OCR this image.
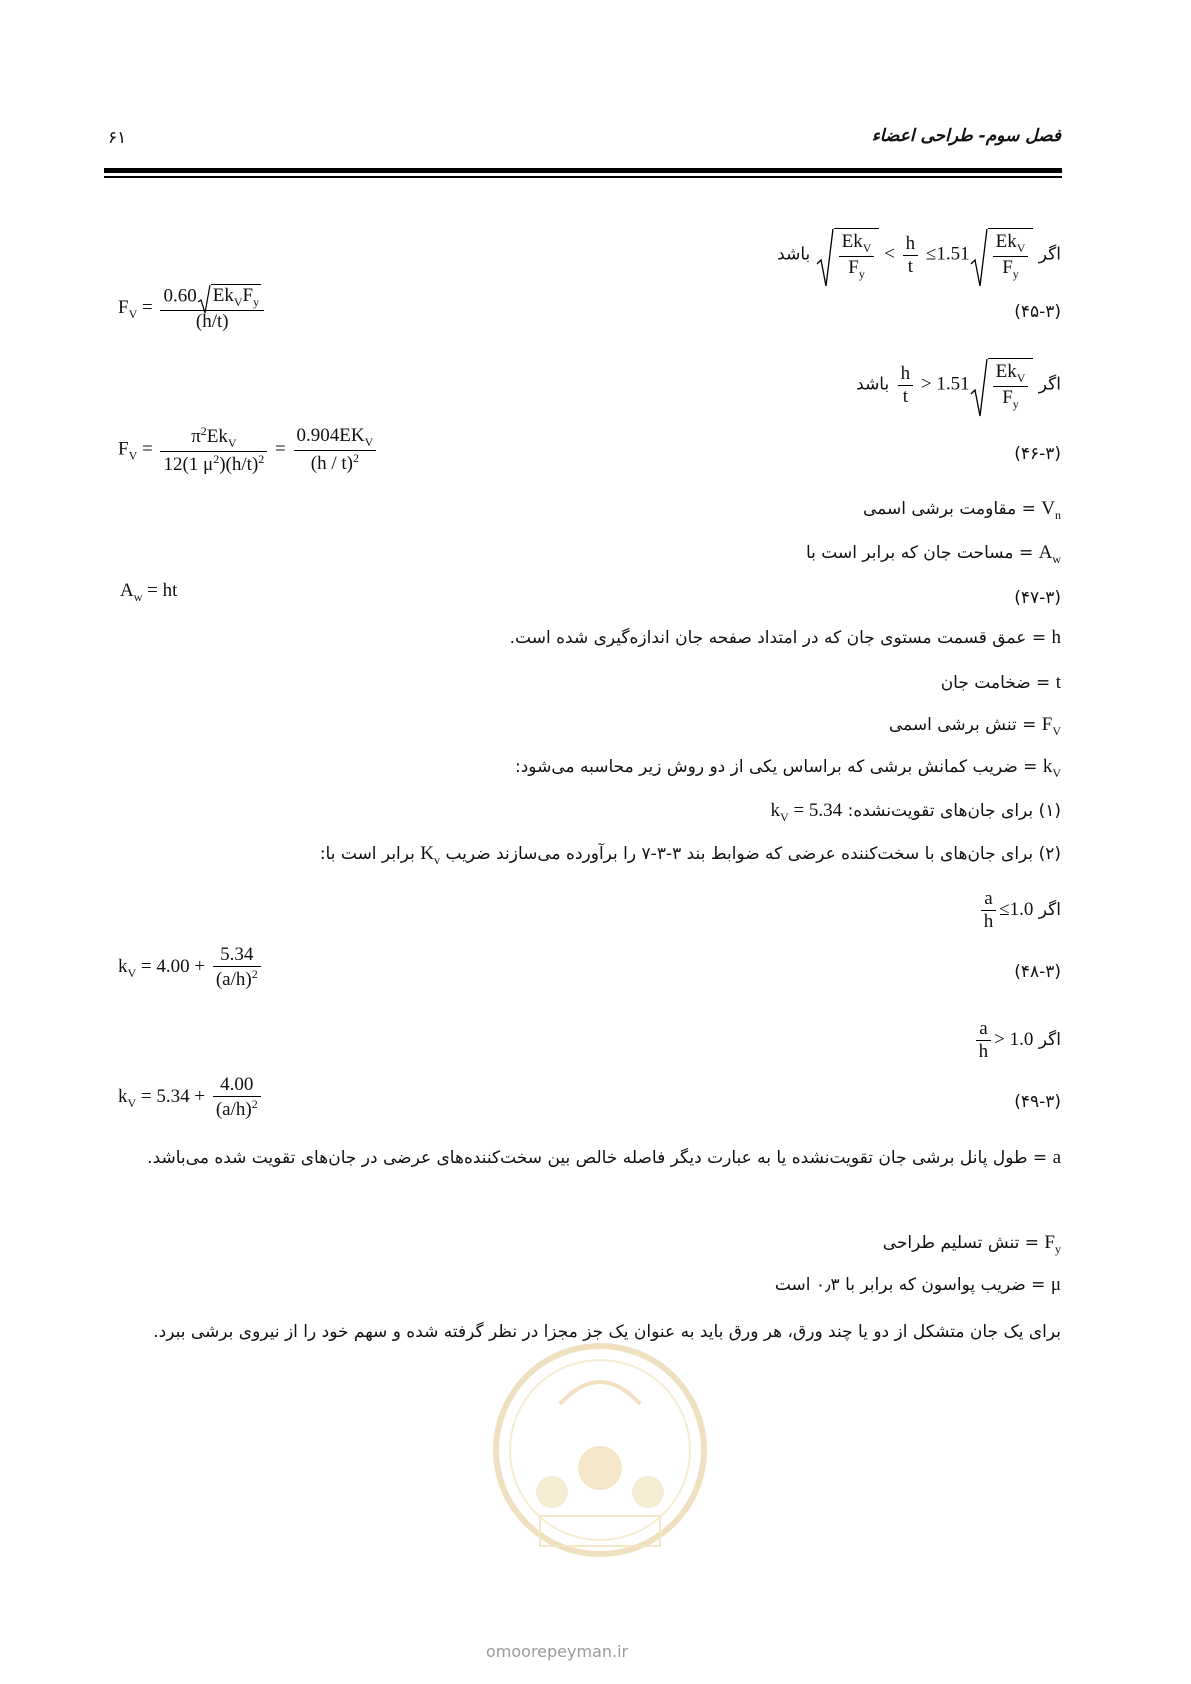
فصل سوم- طراحی اعضاء
۶۱
اگر
$\frac{Ek_V}{F_y} < \frac{h}{t} \le 1.51 \frac{Ek_V}{F_y}$
باشد
(۴۵-۳)
$F_V = \frac{0.60 Ek_VF_y}{(h/t)}$
اگر
$\frac{h}{t} > 1.51 \frac{Ek_V}{F_y}$
باشد
(۴۶-۳)
$F_V = \frac{\pi^2Ek_V}{12(1 \mu^2)(h/t)^2} = \frac{0.904EK_V}{(h / t)^2}$
$V_n$ = مقاومت برشی اسمی
$A_w$ = مساحت جان که برابر است با
(۴۷-۳)
$A_w$ = ht
h = عمق قسمت مستوی جان که در امتداد صفحه جان اندازه‌گیری شده است.
t = ضخامت جان
$F_V$ = تنش برشی اسمی
$k_V$ = ضریب کمانش برشی که براساس یکی از دو روش زیر محاسبه می‌شود:
(۱) برای جان‌های تقویت‌نشده: $k_V = 5.34$
(۲) برای جان‌های با سخت‌کننده عرضی که ضوابط بند ۳-۳-۷ را برآورده می‌سازند ضریب $K_v$ برابر است با:
اگر
$\frac{a}{h} \le 1.0$
(۴۸-۳)
$k_V = 4.00 + \frac{5.34}{(a/h)^2}$
اگر
$\frac{a}{h} > 1.0$
(۴۹-۳)
$k_V = 5.34 + \frac{4.00}{(a/h)^2}$
a = طول پانل برشی جان تقویت‌نشده یا به عبارت دیگر فاصله خالص بین سخت‌کننده‌های عرضی در جان‌های تقویت شده می‌باشد.
$F_y$ = تنش تسلیم طراحی
μ = ضریب پواسون که برابر با ۰٫۳ است
برای یک جان متشکل از دو یا چند ورق، هر ورق باید به عنوان یک جز مجزا در نظر گرفته شده و سهم خود را از نیروی برشی ببرد.
omoorepeyman.ir
